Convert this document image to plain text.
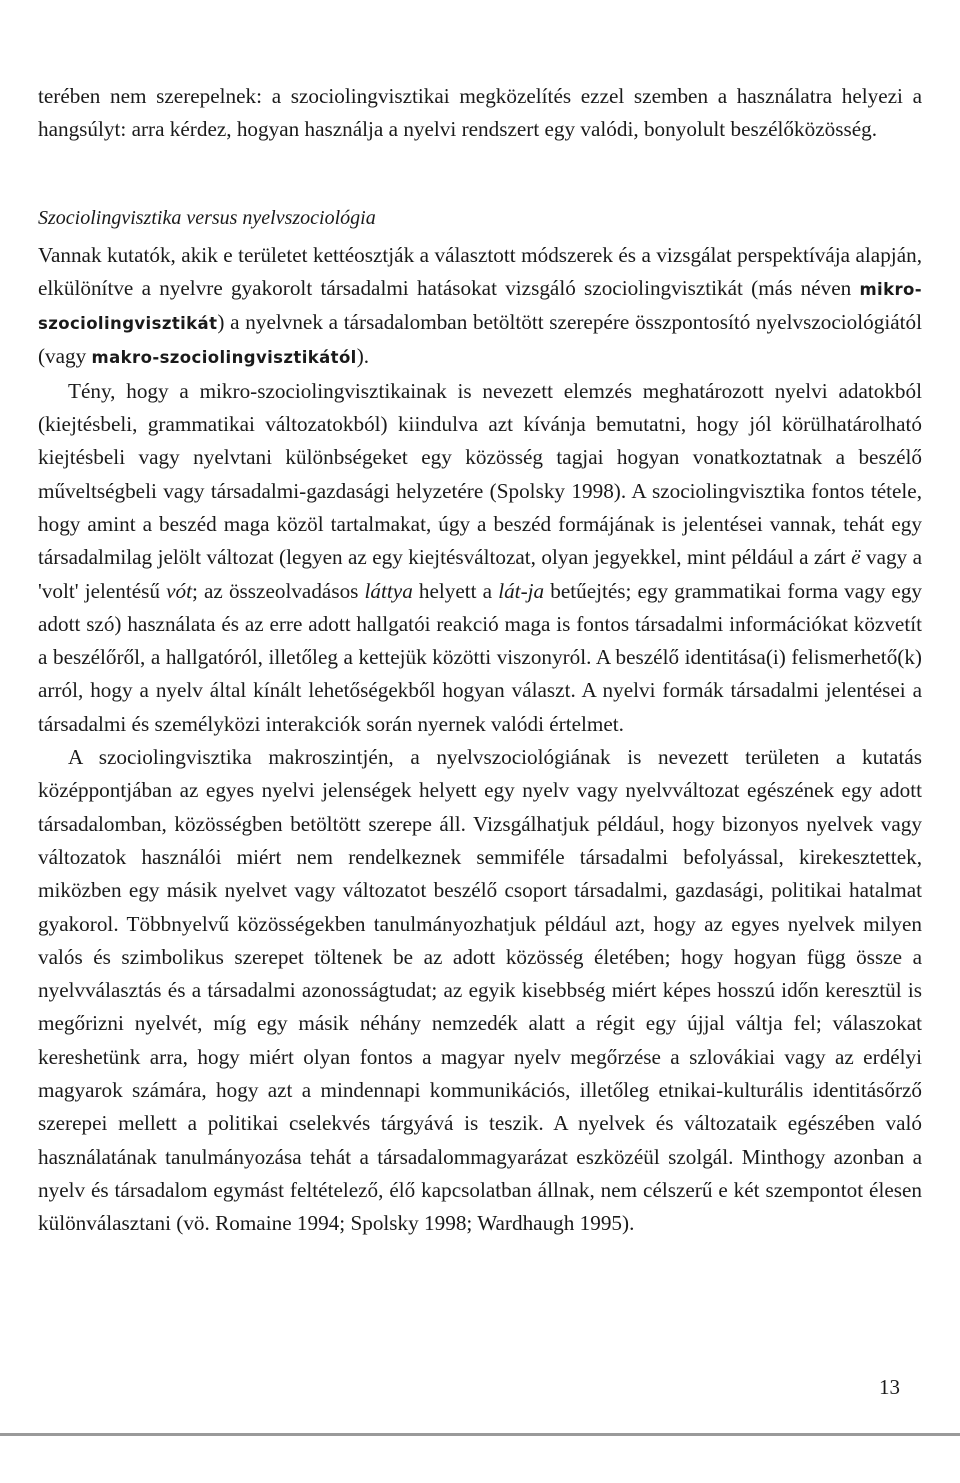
terében nem szerepelnek: a szociolingvisztikai megközelítés ezzel szemben a használatra helyezi a hangsúlyt: arra kérdez, hogyan használja a nyelvi rendszert egy valódi, bonyolult beszélőközösség.

Szociolingvisztika versus nyelvszociológia

Vannak kutatók, akik e területet kettéosztják a választott módszerek és a vizsgálat perspektívája alapján, elkülönítve a nyelvre gyakorolt társadalmi hatásokat vizsgáló szociolingvisztikát (más néven mikro-szociolingvisztikát) a nyelvnek a társadalomban betöltött szerepére összpontosító nyelvszociológiától (vagy makro-szociolingvisztikától).

Tény, hogy a mikro-szociolingvisztikainak is nevezett elemzés meghatározott nyelvi adatokból (kiejtésbeli, grammatikai változatokból) kiindulva azt kívánja bemutatni, hogy jól körülhatárolható kiejtésbeli vagy nyelvtani különbségeket egy közösség tagjai hogyan vonatkoztatnak a beszélő műveltségbeli vagy társadalmi-gazdasági helyzetére (Spolsky 1998). A szociolingvisztika fontos tétele, hogy amint a beszéd maga közöl tartalmakat, úgy a beszéd formájának is jelentései vannak, tehát egy társadalmilag jelölt változat (legyen az egy kiejtésváltozat, olyan jegyekkel, mint például a zárt ë vagy a 'volt' jelentésű vót; az összeolvadásos láttya helyett a lát-ja betűejtés; egy grammatikai forma vagy egy adott szó) használata és az erre adott hallgatói reakció maga is fontos társadalmi információkat közvetít a beszélőről, a hallgatóról, illetőleg a kettejük közötti viszonyról. A beszélő identitása(i) felismerhető(k) arról, hogy a nyelv által kínált lehetőségekből hogyan választ. A nyelvi formák társadalmi jelentései a társadalmi és személyközi interakciók során nyernek valódi értelmet.

A szociolingvisztika makroszintjén, a nyelvszociológiának is nevezett területen a kutatás középpontjában az egyes nyelvi jelenségek helyett egy nyelv vagy nyelvváltozat egészének egy adott társadalomban, közösségben betöltött szerepe áll. Vizsgálhatjuk például, hogy bizonyos nyelvek vagy változatok használói miért nem rendelkeznek semmiféle társadalmi befolyással, kirekesztettek, miközben egy másik nyelvet vagy változatot beszélő csoport társadalmi, gazdasági, politikai hatalmat gyakorol. Többnyelvű közösségekben tanulmányozhatjuk például azt, hogy az egyes nyelvek milyen valós és szimbolikus szerepet töltenek be az adott közösség életében; hogy hogyan függ össze a nyelvválasztás és a társadalmi azonosságtudat; az egyik kisebbség miért képes hosszú időn keresztül is megőrizni nyelvét, míg egy másik néhány nemzedék alatt a régit egy újjal váltja fel; válaszokat kereshetünk arra, hogy miért olyan fontos a magyar nyelv megőrzése a szlovákiai vagy az erdélyi magyarok számára, hogy azt a mindennapi kommunikációs, illetőleg etnikai-kulturális identitásőrző szerepei mellett a politikai cselekvés tárgyává is teszik. A nyelvek és változataik egészében való használatának tanulmányozása tehát a társadalommagyarázat eszközéül szolgál. Minthogy azonban a nyelv és társadalom egymást feltételező, élő kapcsolatban állnak, nem célszerű e két szempontot élesen különválasztani (vö. Romaine 1994; Spolsky 1998; Wardhaugh 1995).

13
